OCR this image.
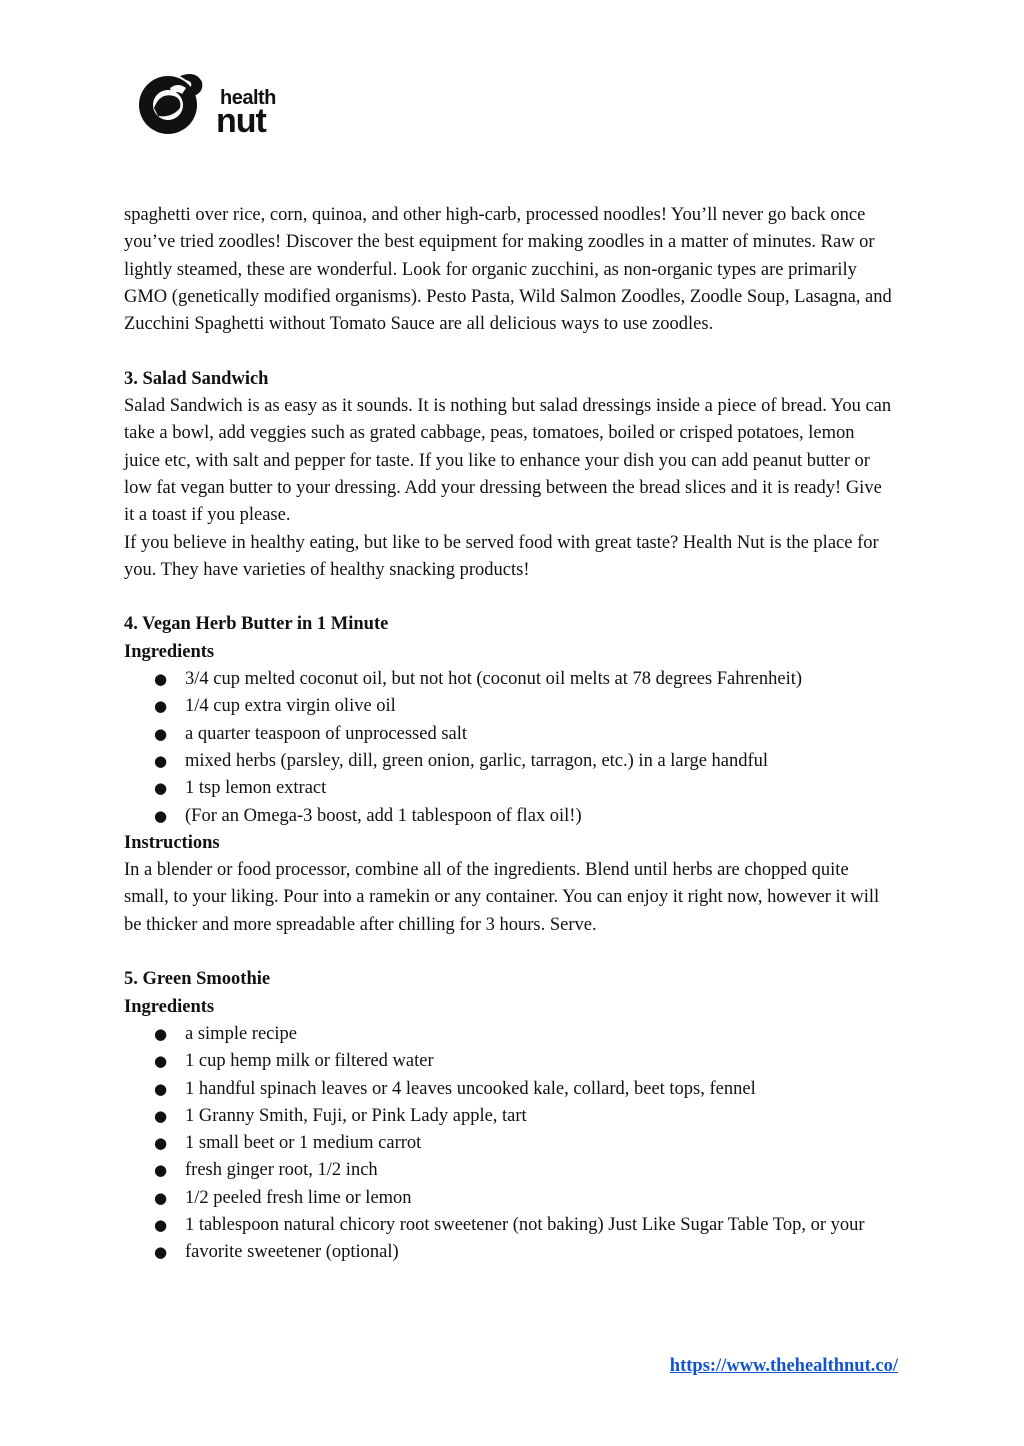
health
nut

spaghetti over rice, corn, quinoa, and other high-carb, processed noodles! You’ll never go back once you’ve tried zoodles! Discover the best equipment for making zoodles in a matter of minutes. Raw or lightly steamed, these are wonderful. Look for organic zucchini, as non-organic types are primarily GMO (genetically modified organisms). Pesto Pasta, Wild Salmon Zoodles, Zoodle Soup, Lasagna, and Zucchini Spaghetti without Tomato Sauce are all delicious ways to use zoodles.

3. Salad Sandwich

Salad Sandwich is as easy as it sounds. It is nothing but salad dressings inside a piece of bread. You can take a bowl, add veggies such as grated cabbage, peas, tomatoes, boiled or crisped potatoes, lemon juice etc, with salt and pepper for taste. If you like to enhance your dish you can add peanut butter or low fat vegan butter to your dressing. Add your dressing between the bread slices and it is ready! Give it a toast if you please.

If you believe in healthy eating, but like to be served food with great taste? Health Nut is the place for you. They have varieties of healthy snacking products!

4. Vegan Herb Butter in 1 Minute

Ingredients

● 3/4 cup melted coconut oil, but not hot (coconut oil melts at 78 degrees Fahrenheit)
● 1/4 cup extra virgin olive oil
● a quarter teaspoon of unprocessed salt
● mixed herbs (parsley, dill, green onion, garlic, tarragon, etc.) in a large handful
● 1 tsp lemon extract
● (For an Omega-3 boost, add 1 tablespoon of flax oil!)

Instructions

In a blender or food processor, combine all of the ingredients. Blend until herbs are chopped quite small, to your liking. Pour into a ramekin or any container. You can enjoy it right now, however it will be thicker and more spreadable after chilling for 3 hours. Serve.

5. Green Smoothie

Ingredients

● a simple recipe
● 1 cup hemp milk or filtered water
● 1 handful spinach leaves or 4 leaves uncooked kale, collard, beet tops, fennel
● 1 Granny Smith, Fuji, or Pink Lady apple, tart
● 1 small beet or 1 medium carrot
● fresh ginger root, 1/2 inch
● 1/2 peeled fresh lime or lemon
● 1 tablespoon natural chicory root sweetener (not baking) Just Like Sugar Table Top, or your
● favorite sweetener (optional)
https://www.thehealthnut.co/
